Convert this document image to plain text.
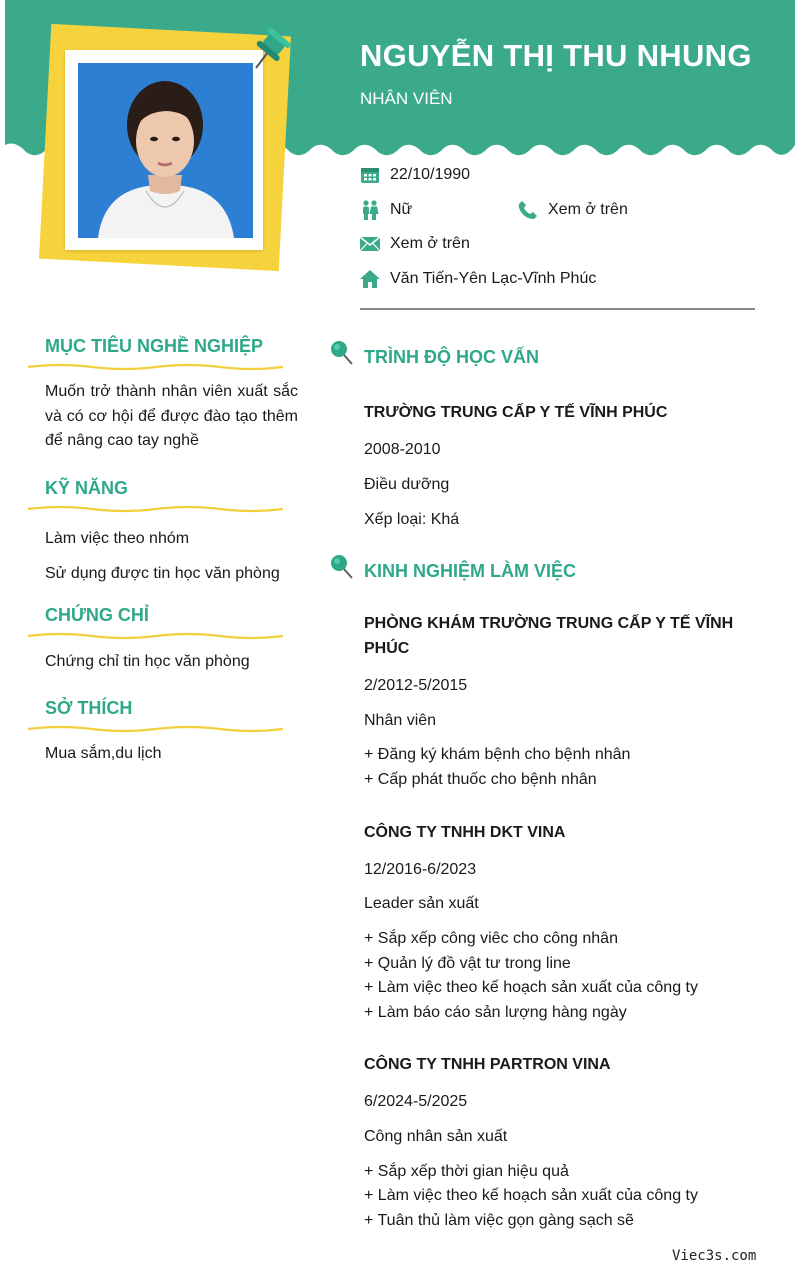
NGUYỄN THỊ THU NHUNG
NHÂN VIÊN
22/10/1990
Nữ	Xem ở trên
Xem ở trên
Văn Tiến-Yên Lạc-Vĩnh Phúc
MỤC TIÊU NGHỀ NGHIỆP
Muốn trở thành nhân viên xuất sắc và có cơ hội để được đào tạo thêm để nâng cao tay nghề
KỸ NĂNG
Làm việc theo nhóm
Sử dụng được tin học văn phòng
CHỨNG CHỈ
Chứng chỉ tin học văn phòng
SỞ THÍCH
Mua sắm,du lịch
TRÌNH ĐỘ HỌC VẤN
TRƯỜNG TRUNG CẤP Y TẾ VĨNH PHÚC
2008-2010
Điều dưỡng
Xếp loại: Khá
KINH NGHIỆM LÀM VIỆC
PHÒNG KHÁM TRƯỜNG TRUNG CẤP Y TẾ VĨNH PHÚC
2/2012-5/2015
Nhân viên
+ Đăng ký khám bệnh cho bệnh nhân
+ Cấp phát thuốc cho bệnh nhân
CÔNG TY TNHH DKT VINA
12/2016-6/2023
Leader sản xuất
+ Sắp xếp công viêc cho công nhân
+ Quản lý đồ vật tư trong line
+ Làm việc theo kế hoạch sản xuất của công ty
+ Làm báo cáo sản lượng hàng ngày
CÔNG TY TNHH PARTRON VINA
6/2024-5/2025
Công nhân sản xuất
+ Sắp xếp thời gian hiệu quả
+ Làm việc theo kế hoạch sản xuất của công ty
+ Tuân thủ làm việc gọn gàng sạch sẽ
Viec3s.com
